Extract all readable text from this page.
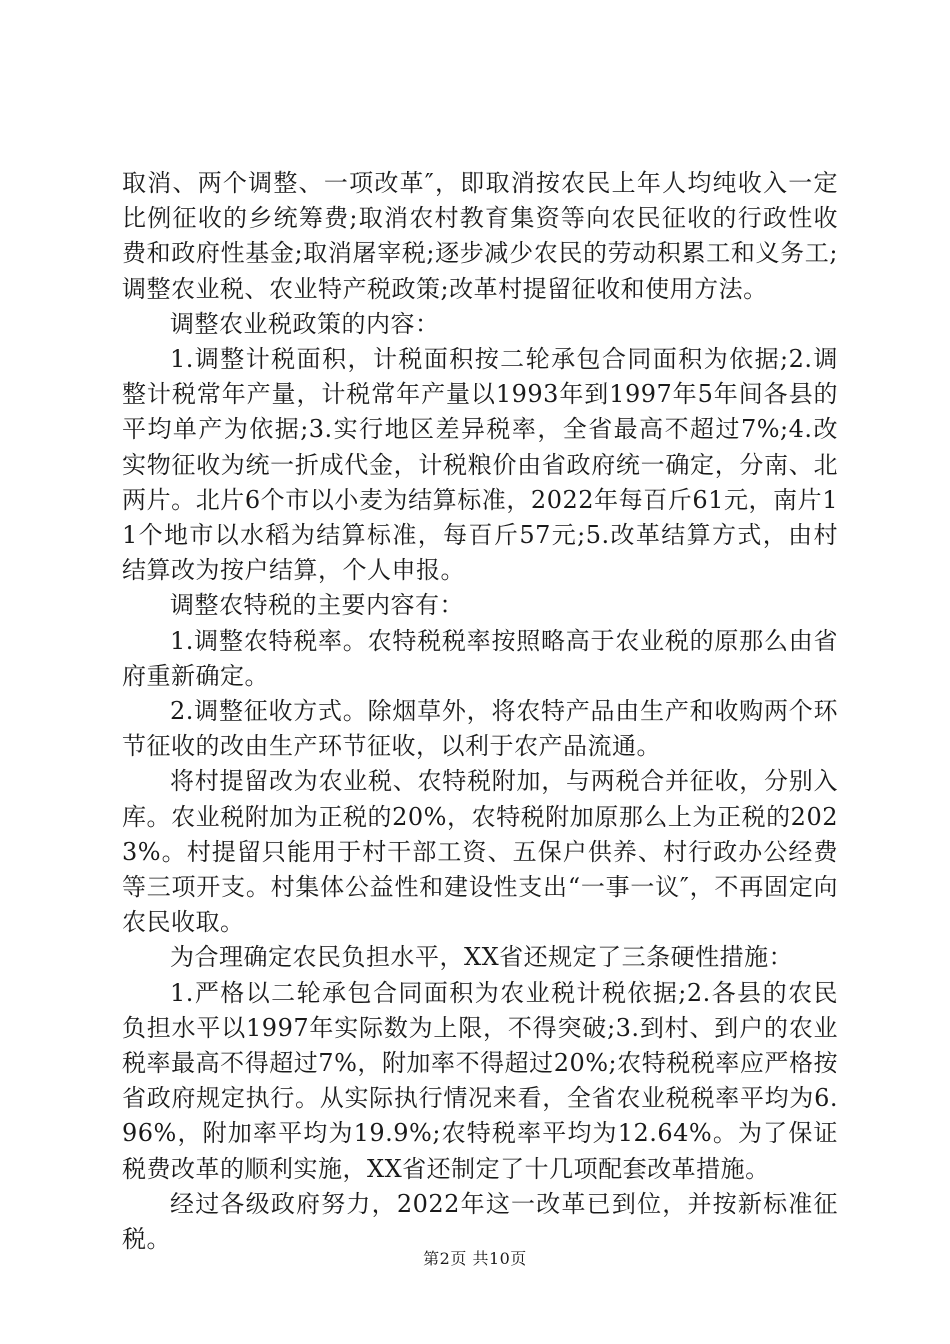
取消、两个调整、一项改革″，即取消按农民上年人均纯收入一定比例征收的乡统筹费;取消农村教育集资等向农民征收的行政性收费和政府性基金;取消屠宰税;逐步减少农民的劳动积累工和义务工;调整农业税、农业特产税政策;改革村提留征收和使用方法。

调整农业税政策的内容：

1.调整计税面积，计税面积按二轮承包合同面积为依据;2.调整计税常年产量，计税常年产量以1993年到1997年5年间各县的平均单产为依据;3.实行地区差异税率，全省最高不超过7%;4.改实物征收为统一折成代金，计税粮价由省政府统一确定，分南、北两片。北片6个市以小麦为结算标准，2022年每百斤61元，南片11个地市以水稻为结算标准，每百斤57元;5.改革结算方式，由村结算改为按户结算，个人申报。

调整农特税的主要内容有：

1.调整农特税率。农特税税率按照略高于农业税的原那么由省府重新确定。

2.调整征收方式。除烟草外，将农特产品由生产和收购两个环节征收的改由生产环节征收，以利于农产品流通。

将村提留改为农业税、农特税附加，与两税合并征收，分别入库。农业税附加为正税的20%，农特税附加原那么上为正税的2023%。村提留只能用于村干部工资、五保户供养、村行政办公经费等三项开支。村集体公益性和建设性支出“一事一议″，不再固定向农民收取。

为合理确定农民负担水平，XX省还规定了三条硬性措施：

1.严格以二轮承包合同面积为农业税计税依据;2.各县的农民负担水平以1997年实际数为上限，不得突破;3.到村、到户的农业税率最高不得超过7%，附加率不得超过20%;农特税税率应严格按省政府规定执行。从实际执行情况来看，全省农业税税率平均为6.96%，附加率平均为19.9%;农特税率平均为12.64%。为了保证税费改革的顺利实施，XX省还制定了十几项配套改革措施。

经过各级政府努力，2022年这一改革已到位，并按新标准征税。

第2页 共10页
